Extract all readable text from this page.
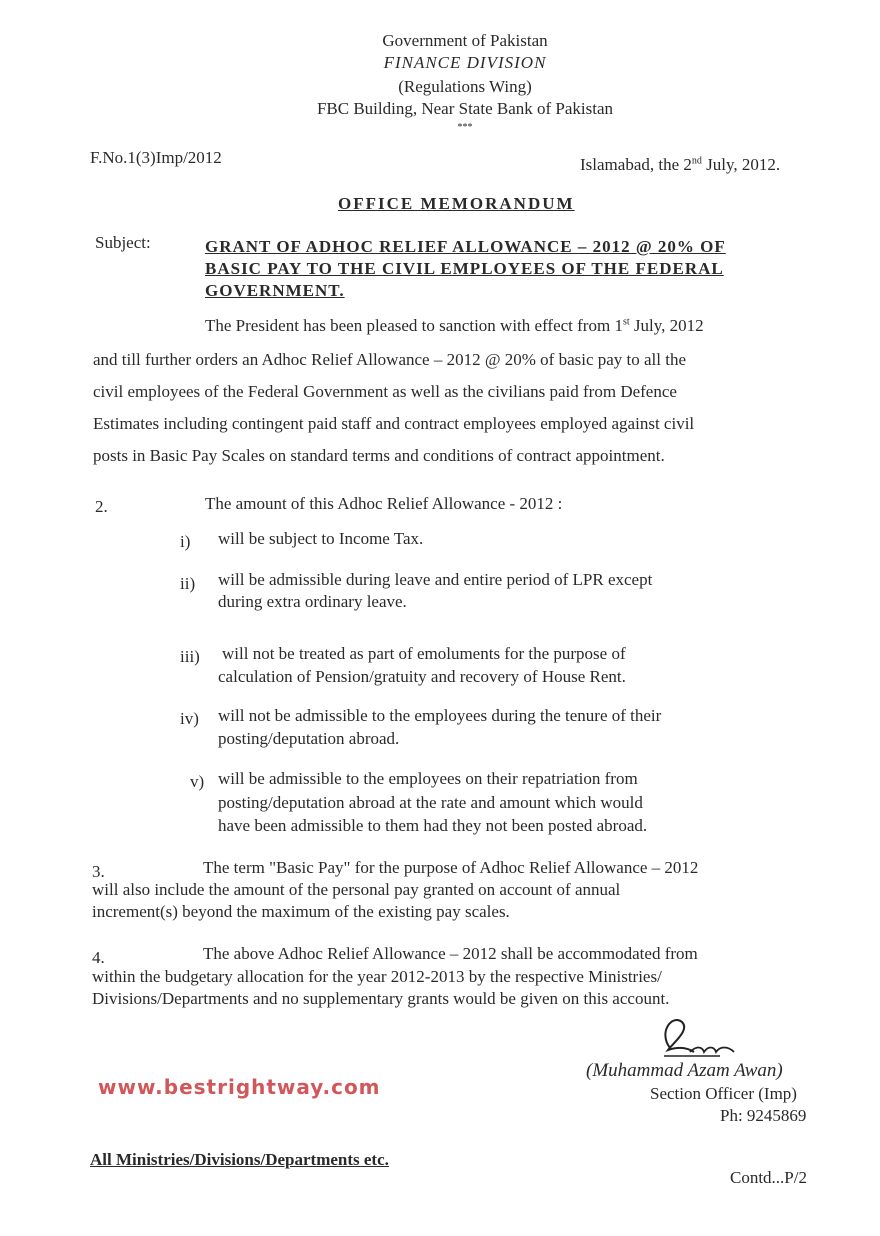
Government of Pakistan
FINANCE DIVISION
(Regulations Wing)
FBC Building, Near State Bank of Pakistan
***
F.No.1(3)Imp/2012	Islamabad, the 2nd July, 2012.
OFFICE MEMORANDUM
Subject:	GRANT OF ADHOC RELIEF ALLOWANCE – 2012 @ 20% OF
BASIC PAY TO THE CIVIL EMPLOYEES OF THE FEDERAL
GOVERNMENT.
The President has been pleased to sanction with effect from 1st July, 2012
and till further orders an Adhoc Relief Allowance – 2012 @ 20% of basic pay to all the
civil employees of the Federal Government as well as the civilians paid from Defence
Estimates including contingent paid staff and contract employees employed against civil
posts in Basic Pay Scales on standard terms and conditions of contract appointment.
2.	The amount of this Adhoc Relief Allowance - 2012 :
i) will be subject to Income Tax.
ii) will be admissible during leave and entire period of LPR except
during extra ordinary leave.
iii) will not be treated as part of emoluments for the purpose of
calculation of Pension/gratuity and recovery of House Rent.
iv) will not be admissible to the employees during the tenure of their
posting/deputation abroad.
v) will be admissible to the employees on their repatriation from
posting/deputation abroad at the rate and amount which would
have been admissible to them had they not been posted abroad.
3.	The term "Basic Pay" for the purpose of Adhoc Relief Allowance – 2012
will also include the amount of the personal pay granted on account of annual
increment(s) beyond the maximum of the existing pay scales.
4.	The above Adhoc Relief Allowance – 2012 shall be accommodated from
within the budgetary allocation for the year 2012-2013 by the respective Ministries/
Divisions/Departments and no supplementary grants would be given on this account.
(Muhammad Azam Awan)
Section Officer (Imp)
Ph: 9245869
www.bestrightway.com
All Ministries/Divisions/Departments etc.
Contd...P/2
